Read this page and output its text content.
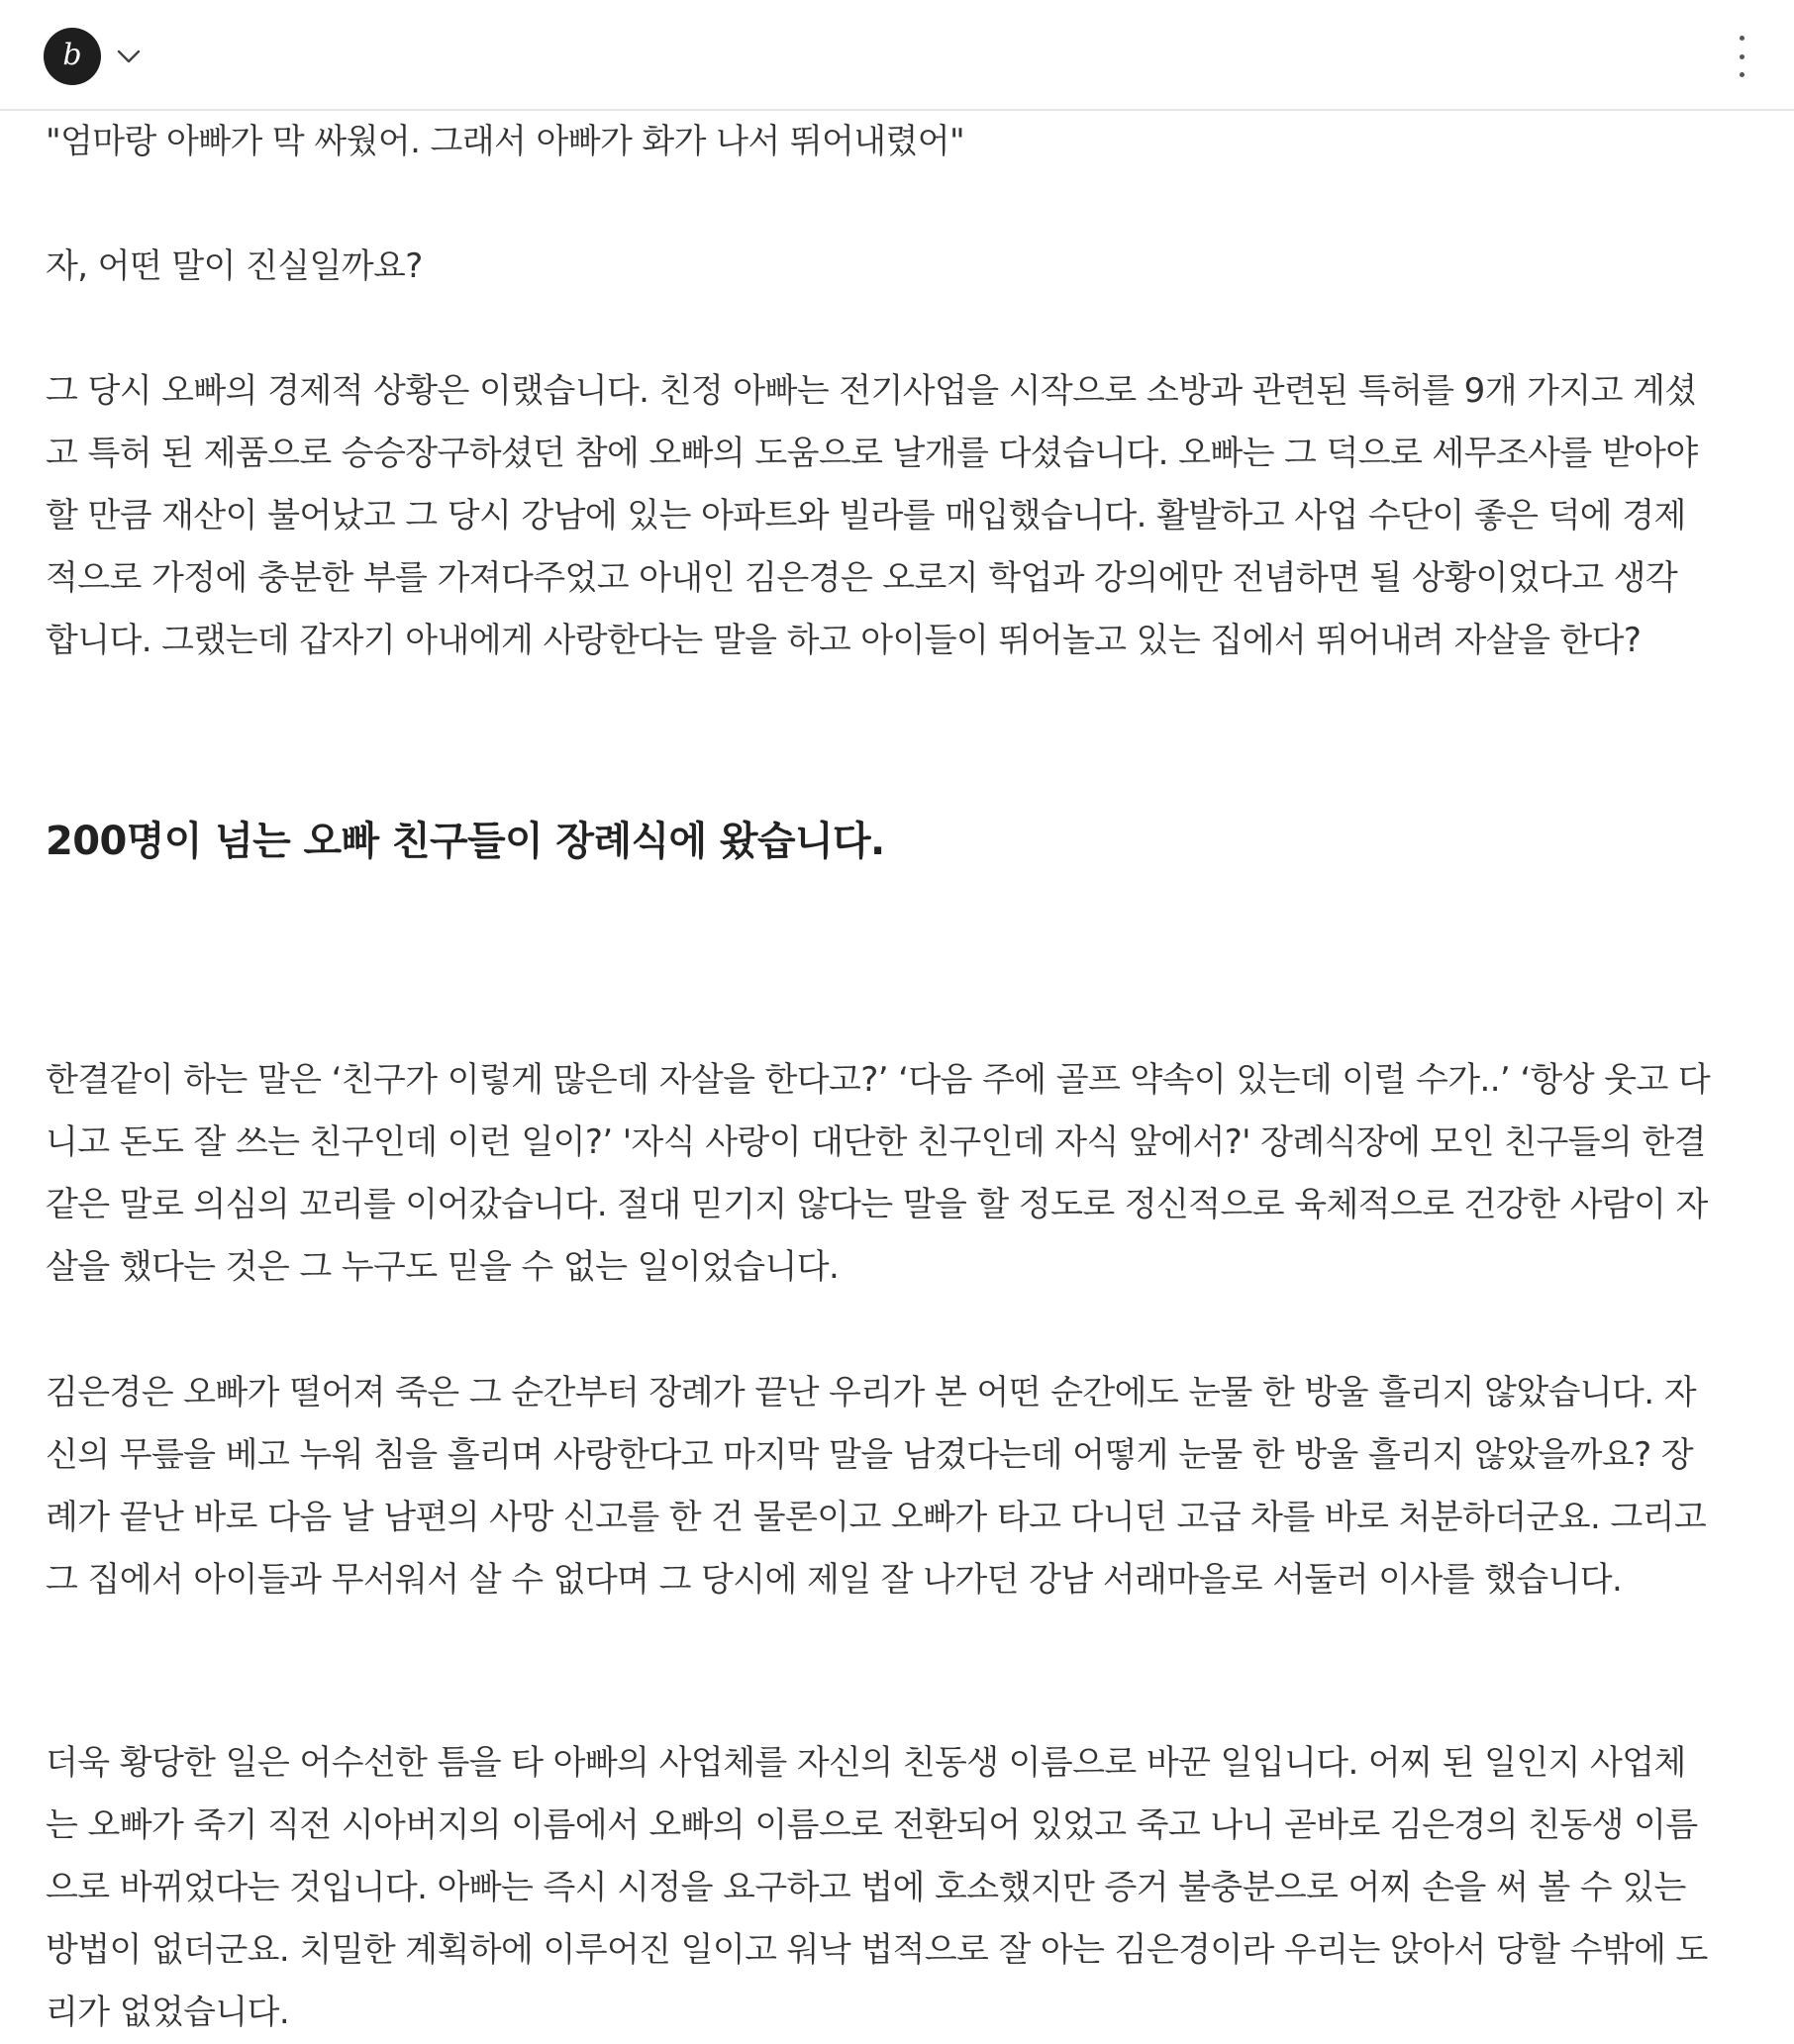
b

"엄마랑 아빠가 막 싸웠어. 그래서 아빠가 화가 나서 뛰어내렸어"

자, 어떤 말이 진실일까요?

그 당시 오빠의 경제적 상황은 이랬습니다. 친정 아빠는 전기사업을 시작으로 소방과 관련된 특허를 9개 가지고 계셨
고 특허 된 제품으로 승승장구하셨던 참에 오빠의 도움으로 날개를 다셨습니다. 오빠는 그 덕으로 세무조사를 받아야
할 만큼 재산이 불어났고 그 당시 강남에 있는 아파트와 빌라를 매입했습니다. 활발하고 사업 수단이 좋은 덕에 경제
적으로 가정에 충분한 부를 가져다주었고 아내인 김은경은 오로지 학업과 강의에만 전념하면 될 상황이었다고 생각
합니다. 그랬는데 갑자기 아내에게 사랑한다는 말을 하고 아이들이 뛰어놀고 있는 집에서 뛰어내려 자살을 한다?

200명이 넘는 오빠 친구들이 장례식에 왔습니다.

한결같이 하는 말은 ‘친구가 이렇게 많은데 자살을 한다고?’ ‘다음 주에 골프 약속이 있는데 이럴 수가..’ ‘항상 웃고 다
니고 돈도 잘 쓰는 친구인데 이런 일이?’ '자식 사랑이 대단한 친구인데 자식 앞에서?' 장례식장에 모인 친구들의 한결
같은 말로 의심의 꼬리를 이어갔습니다. 절대 믿기지 않다는 말을 할 정도로 정신적으로 육체적으로 건강한 사람이 자
살을 했다는 것은 그 누구도 믿을 수 없는 일이었습니다.

김은경은 오빠가 떨어져 죽은 그 순간부터 장례가 끝난 우리가 본 어떤 순간에도 눈물 한 방울 흘리지 않았습니다. 자
신의 무릎을 베고 누워 침을 흘리며 사랑한다고 마지막 말을 남겼다는데 어떻게 눈물 한 방울 흘리지 않았을까요? 장
례가 끝난 바로 다음 날 남편의 사망 신고를 한 건 물론이고 오빠가 타고 다니던 고급 차를 바로 처분하더군요. 그리고
그 집에서 아이들과 무서워서 살 수 없다며 그 당시에 제일 잘 나가던 강남 서래마을로 서둘러 이사를 했습니다.

더욱 황당한 일은 어수선한 틈을 타 아빠의 사업체를 자신의 친동생 이름으로 바꾼 일입니다. 어찌 된 일인지 사업체
는 오빠가 죽기 직전 시아버지의 이름에서 오빠의 이름으로 전환되어 있었고 죽고 나니 곧바로 김은경의 친동생 이름
으로 바뀌었다는 것입니다. 아빠는 즉시 시정을 요구하고 법에 호소했지만 증거 불충분으로 어찌 손을 써 볼 수 있는
방법이 없더군요. 치밀한 계획하에 이루어진 일이고 워낙 법적으로 잘 아는 김은경이라 우리는 앉아서 당할 수밖에 도
리가 없었습니다.
